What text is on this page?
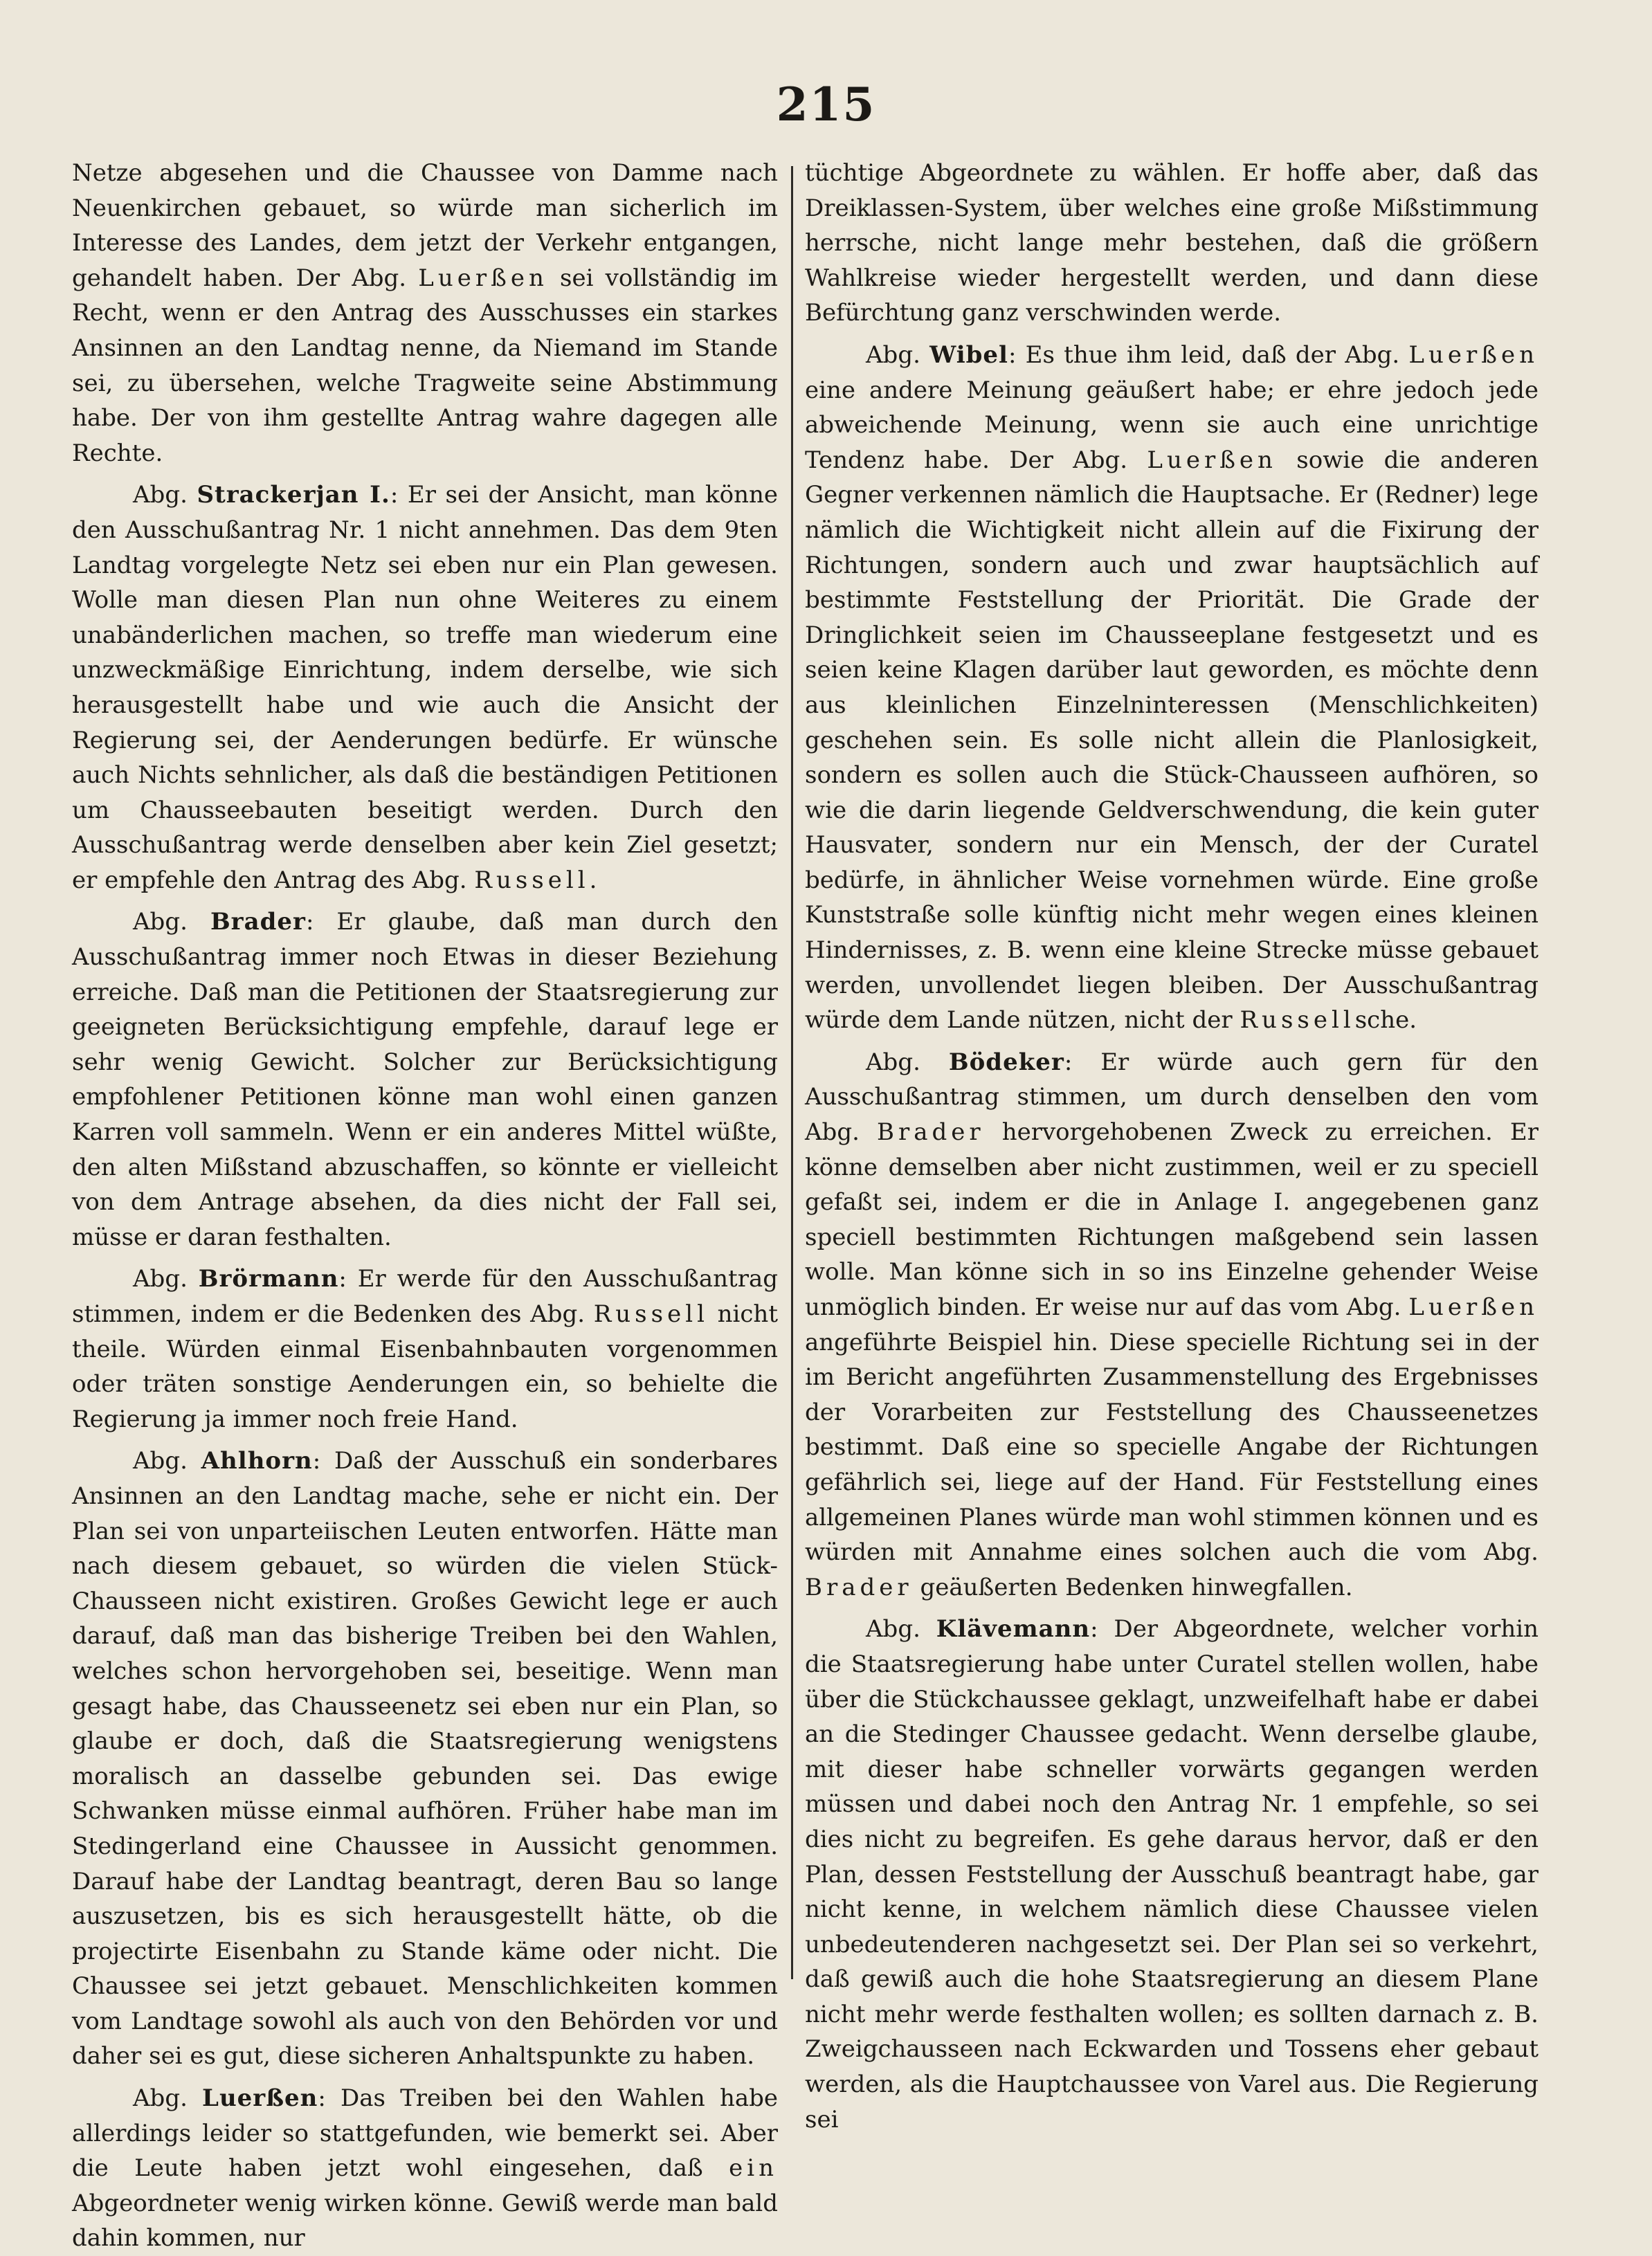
215

Netze abgesehen und die Chaussee von Damme nach Neuenkirchen gebauet, so würde man sicherlich im Interesse des Landes, dem jetzt der Verkehr entgangen, gehandelt haben. Der Abg. Luerßen sei vollständig im Recht, wenn er den Antrag des Ausschusses ein starkes Ansinnen an den Landtag nenne, da Niemand im Stande sei, zu übersehen, welche Tragweite seine Abstimmung habe. Der von ihm gestellte Antrag wahre dagegen alle Rechte.

Abg. Strackerjan I.: Er sei der Ansicht, man könne den Ausschußantrag Nr. 1 nicht annehmen. Das dem 9ten Landtag vorgelegte Netz sei eben nur ein Plan gewesen. Wolle man diesen Plan nun ohne Weiteres zu einem unabänderlichen machen, so treffe man wiederum eine unzweckmäßige Einrichtung, indem derselbe, wie sich herausgestellt habe und wie auch die Ansicht der Regierung sei, der Aenderungen bedürfe. Er wünsche auch Nichts sehnlicher, als daß die beständigen Petitionen um Chausseebauten beseitigt werden. Durch den Ausschußantrag werde denselben aber kein Ziel gesetzt; er empfehle den Antrag des Abg. Russell.

Abg. Brader: Er glaube, daß man durch den Ausschußantrag immer noch Etwas in dieser Beziehung erreiche. Daß man die Petitionen der Staatsregierung zur geeigneten Berücksichtigung empfehle, darauf lege er sehr wenig Gewicht. Solcher zur Berücksichtigung empfohlener Petitionen könne man wohl einen ganzen Karren voll sammeln. Wenn er ein anderes Mittel wüßte, den alten Mißstand abzuschaffen, so könnte er vielleicht von dem Antrage absehen, da dies nicht der Fall sei, müsse er daran festhalten.

Abg. Brörmann: Er werde für den Ausschußantrag stimmen, indem er die Bedenken des Abg. Russell nicht theile. Würden einmal Eisenbahnbauten vorgenommen oder träten sonstige Aenderungen ein, so behielte die Regierung ja immer noch freie Hand.

Abg. Ahlhorn: Daß der Ausschuß ein sonderbares Ansinnen an den Landtag mache, sehe er nicht ein. Der Plan sei von unparteiischen Leuten entworfen. Hätte man nach diesem gebauet, so würden die vielen Stück-Chausseen nicht existiren. Großes Gewicht lege er auch darauf, daß man das bisherige Treiben bei den Wahlen, welches schon hervorgehoben sei, beseitige. Wenn man gesagt habe, das Chausseenetz sei eben nur ein Plan, so glaube er doch, daß die Staatsregierung wenigstens moralisch an dasselbe gebunden sei. Das ewige Schwanken müsse einmal aufhören. Früher habe man im Stedingerland eine Chaussee in Aussicht genommen. Darauf habe der Landtag beantragt, deren Bau so lange auszusetzen, bis es sich herausgestellt hätte, ob die projectirte Eisenbahn zu Stande käme oder nicht. Die Chaussee sei jetzt gebauet. Menschlichkeiten kommen vom Landtage sowohl als auch von den Behörden vor und daher sei es gut, diese sicheren Anhaltspunkte zu haben.

Abg. Luerßen: Das Treiben bei den Wahlen habe allerdings leider so stattgefunden, wie bemerkt sei. Aber die Leute haben jetzt wohl eingesehen, daß ein Abgeordneter wenig wirken könne. Gewiß werde man bald dahin kommen, nur

tüchtige Abgeordnete zu wählen. Er hoffe aber, daß das Dreiklassen-System, über welches eine große Mißstimmung herrsche, nicht lange mehr bestehen, daß die größern Wahlkreise wieder hergestellt werden, und dann diese Befürchtung ganz verschwinden werde.

Abg. Wibel: Es thue ihm leid, daß der Abg. Luerßen eine andere Meinung geäußert habe; er ehre jedoch jede abweichende Meinung, wenn sie auch eine unrichtige Tendenz habe. Der Abg. Luerßen sowie die anderen Gegner verkennen nämlich die Hauptsache. Er (Redner) lege nämlich die Wichtigkeit nicht allein auf die Fixirung der Richtungen, sondern auch und zwar hauptsächlich auf bestimmte Feststellung der Priorität. Die Grade der Dringlichkeit seien im Chausseeplane festgesetzt und es seien keine Klagen darüber laut geworden, es möchte denn aus kleinlichen Einzelninteressen (Menschlichkeiten) geschehen sein. Es solle nicht allein die Planlosigkeit, sondern es sollen auch die Stück-Chausseen aufhören, so wie die darin liegende Geldverschwendung, die kein guter Hausvater, sondern nur ein Mensch, der der Curatel bedürfe, in ähnlicher Weise vornehmen würde. Eine große Kunststraße solle künftig nicht mehr wegen eines kleinen Hindernisses, z. B. wenn eine kleine Strecke müsse gebauet werden, unvollendet liegen bleiben. Der Ausschußantrag würde dem Lande nützen, nicht der Russellsche.

Abg. Bödeker: Er würde auch gern für den Ausschußantrag stimmen, um durch denselben den vom Abg. Brader hervorgehobenen Zweck zu erreichen. Er könne demselben aber nicht zustimmen, weil er zu speciell gefaßt sei, indem er die in Anlage I. angegebenen ganz speciell bestimmten Richtungen maßgebend sein lassen wolle. Man könne sich in so ins Einzelne gehender Weise unmöglich binden. Er weise nur auf das vom Abg. Luerßen angeführte Beispiel hin. Diese specielle Richtung sei in der im Bericht angeführten Zusammenstellung des Ergebnisses der Vorarbeiten zur Feststellung des Chausseenetzes bestimmt. Daß eine so specielle Angabe der Richtungen gefährlich sei, liege auf der Hand. Für Feststellung eines allgemeinen Planes würde man wohl stimmen können und es würden mit Annahme eines solchen auch die vom Abg. Brader geäußerten Bedenken hinwegfallen.

Abg. Klävemann: Der Abgeordnete, welcher vorhin die Staatsregierung habe unter Curatel stellen wollen, habe über die Stückchaussee geklagt, unzweifelhaft habe er dabei an die Stedinger Chaussee gedacht. Wenn derselbe glaube, mit dieser habe schneller vorwärts gegangen werden müssen und dabei noch den Antrag Nr. 1 empfehle, so sei dies nicht zu begreifen. Es gehe daraus hervor, daß er den Plan, dessen Feststellung der Ausschuß beantragt habe, gar nicht kenne, in welchem nämlich diese Chaussee vielen unbedeutenderen nachgesetzt sei. Der Plan sei so verkehrt, daß gewiß auch die hohe Staatsregierung an diesem Plane nicht mehr werde festhalten wollen; es sollten darnach z. B. Zweigchausseen nach Eckwarden und Tossens eher gebaut werden, als die Hauptchaussee von Varel aus. Die Regierung sei
